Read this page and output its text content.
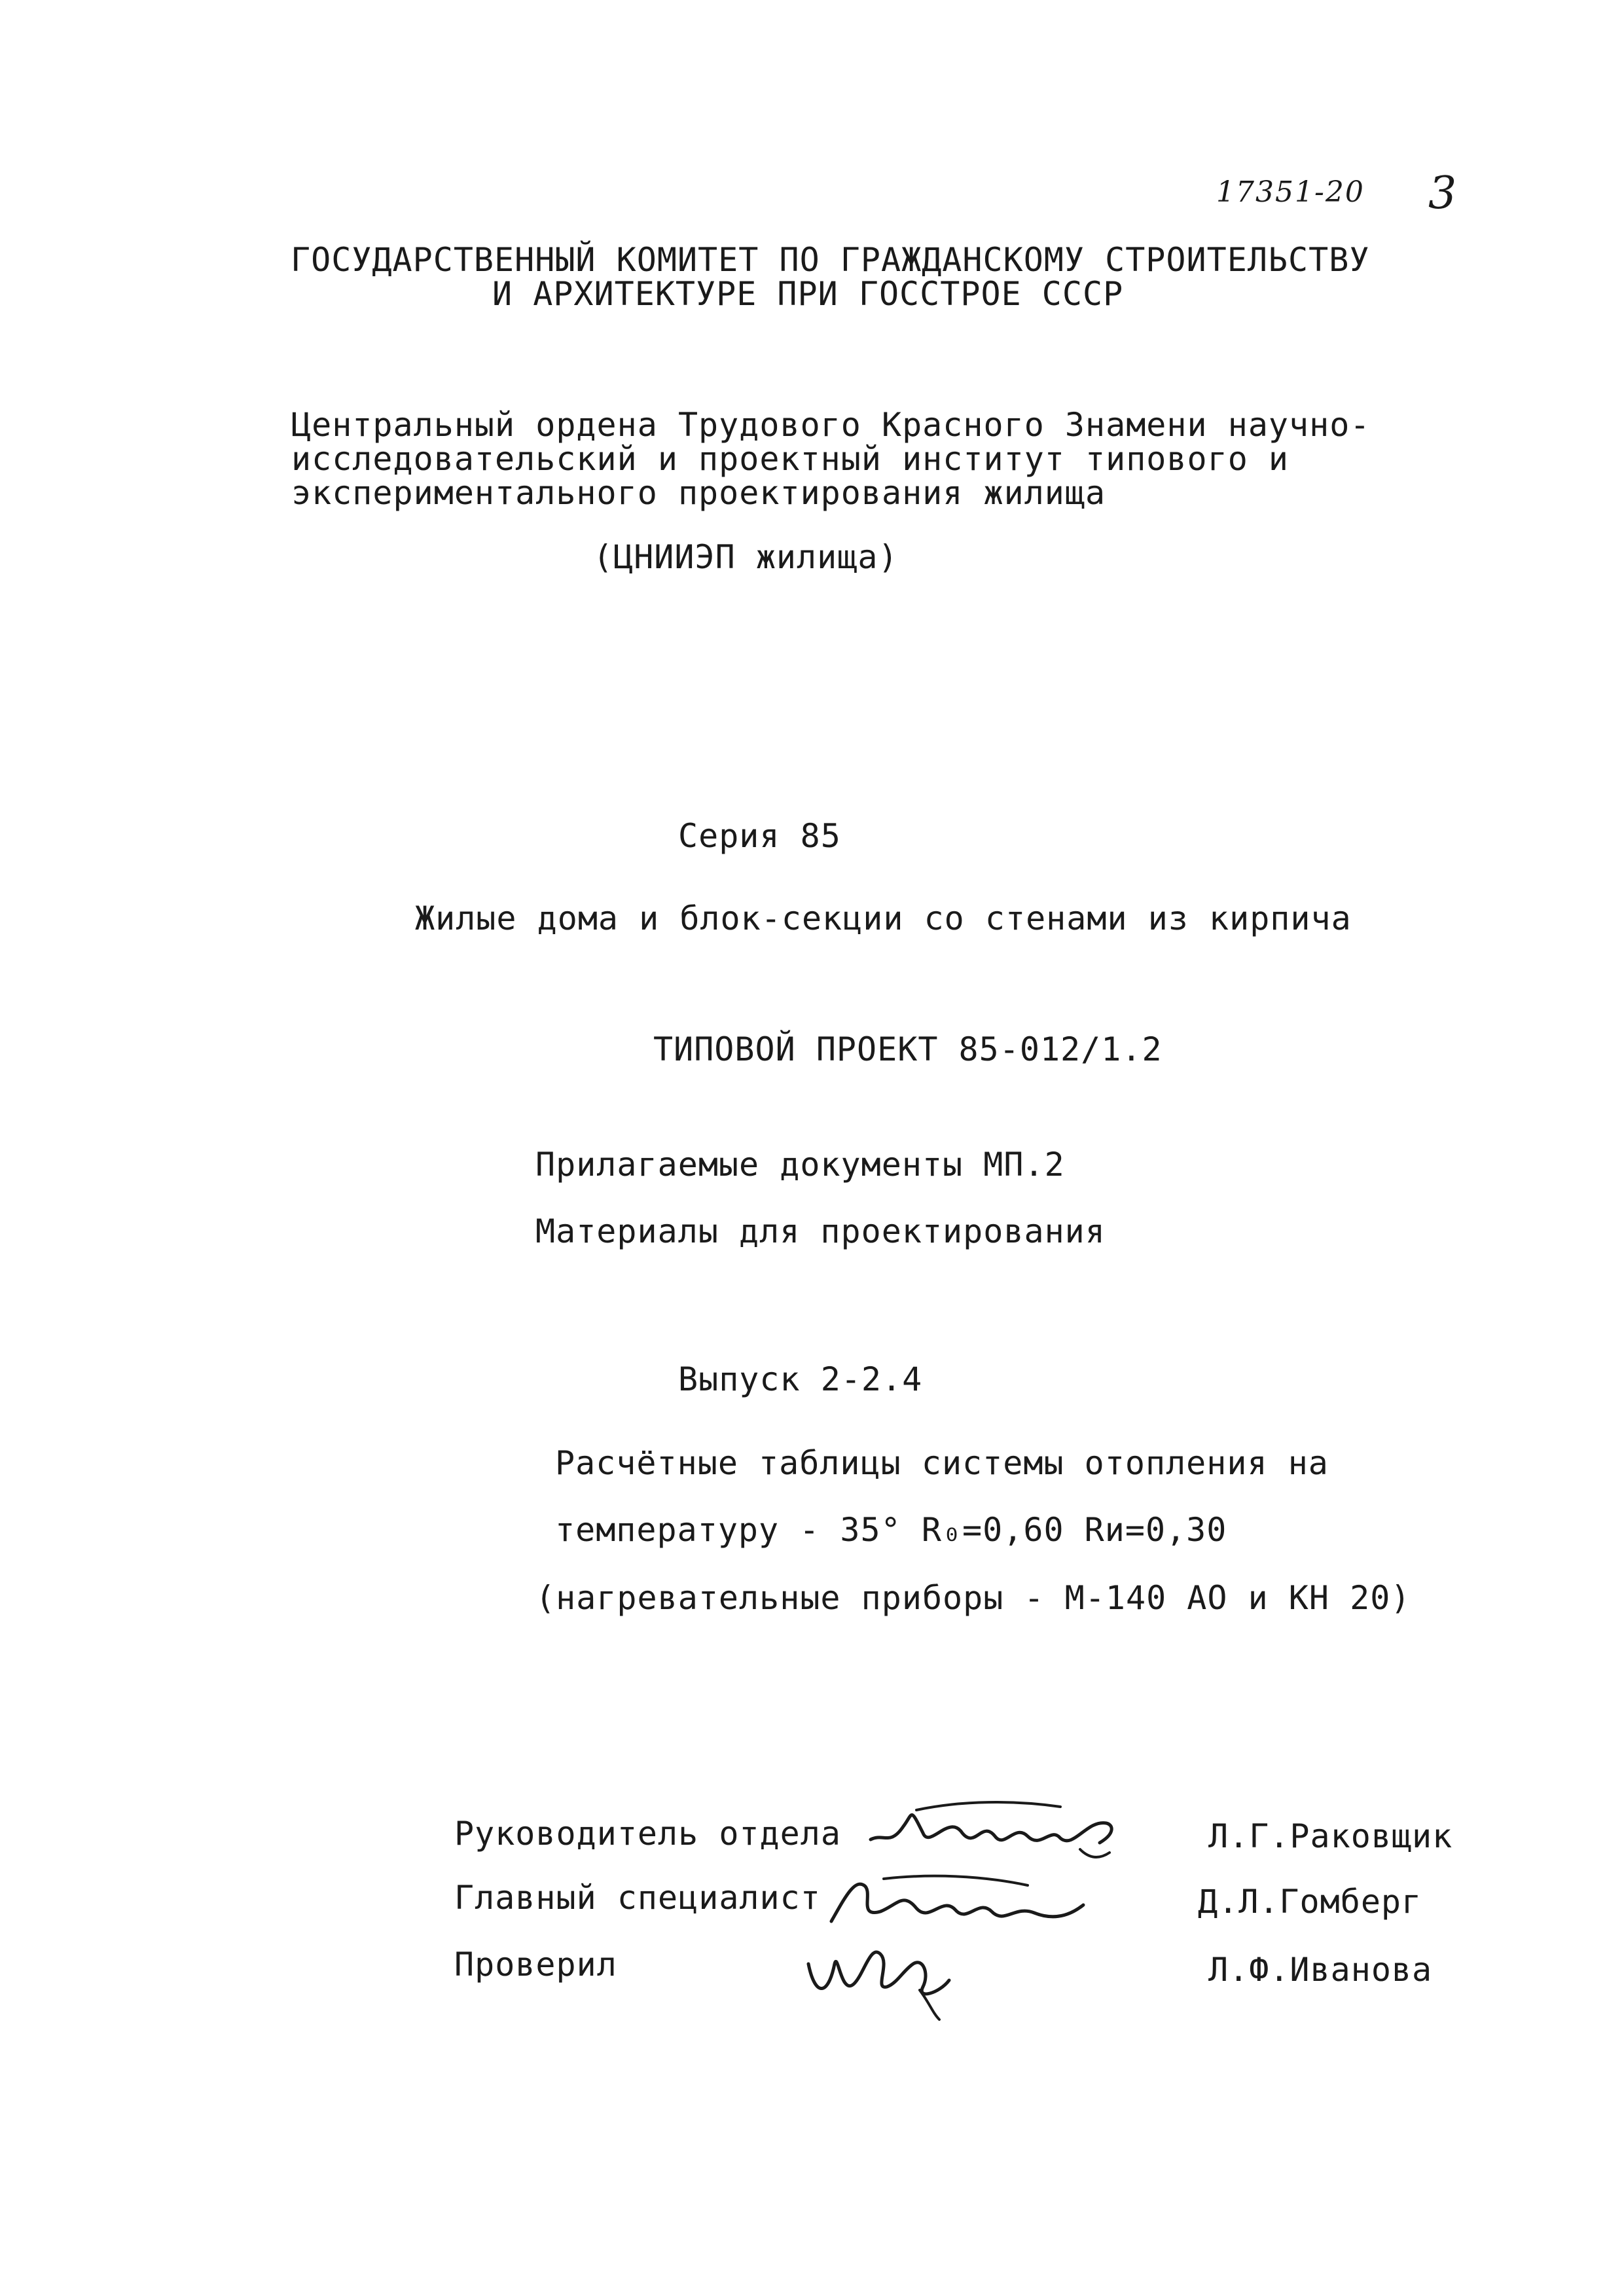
17351-20 3
ГОСУДАРСТВЕННЫЙ КОМИТЕТ ПО ГРАЖДАНСКОМУ СТРОИТЕЛЬСТВУ
И АРХИТЕКТУРЕ ПРИ ГОССТРОЕ СССР
Центральный ордена Трудового Красного Знамени научно-
исследовательский и проектный институт типового и
экспериментального проектирования жилища
(ЦНИИЭП жилища)
Серия 85
Жилые дома и блок-секции со стенами из кирпича
ТИПОВОЙ ПРОЕКТ 85-012/1.2
Прилагаемые документы МП.2
Материалы для проектирования
Выпуск 2-2.4
Расчётные таблицы системы отопления на
температуру - 35° R₀=0,60 Rи=0,30
(нагревательные приборы - М-140 АО и КН 20)
Руководитель отдела	Л.Г.Раковщик
Главный специалист	Д.Л.Гомберг
Проверил	Л.Ф.Иванова
